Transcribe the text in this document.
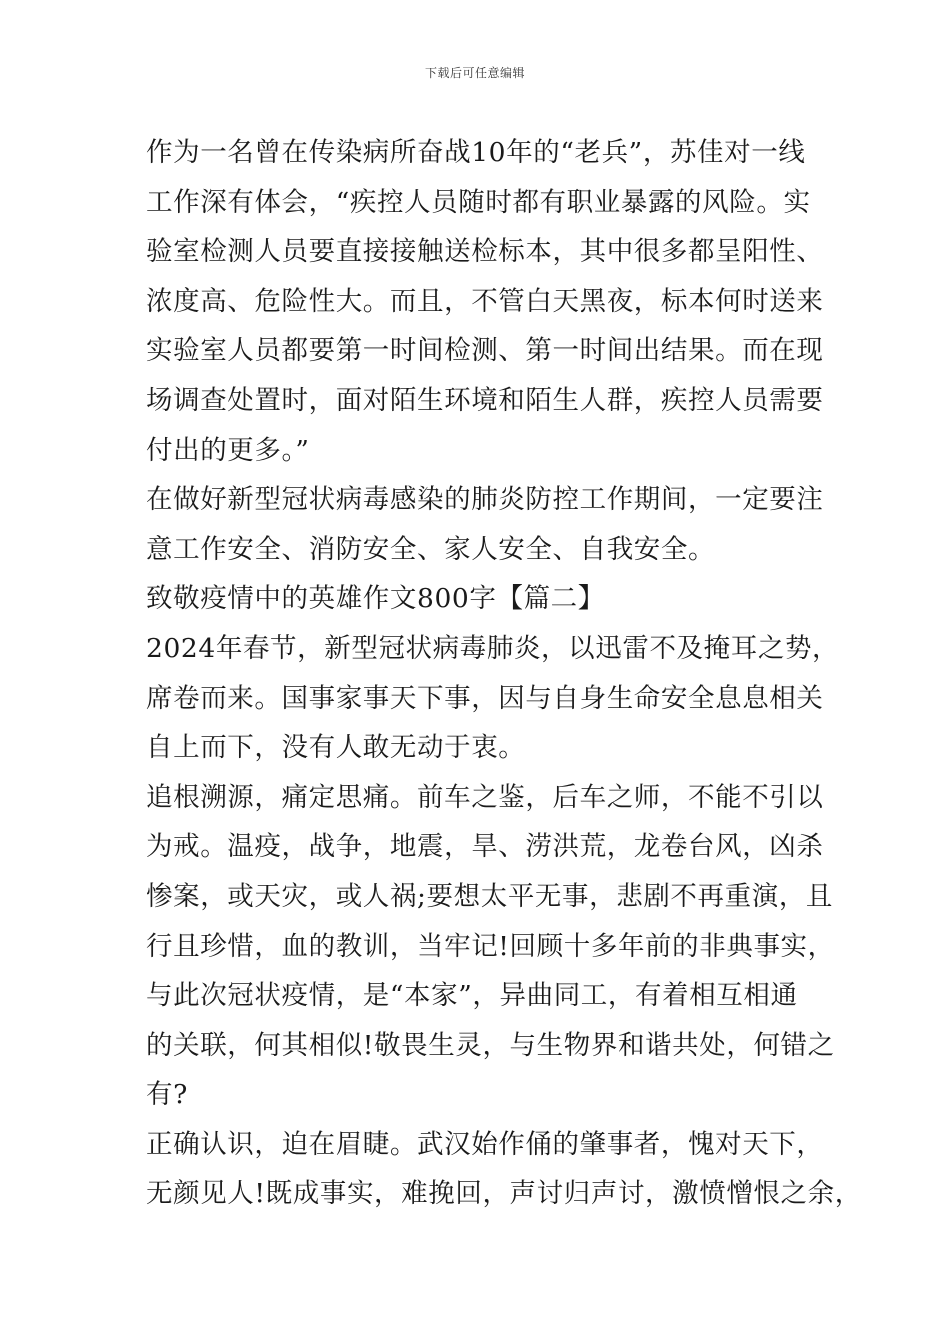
下载后可任意编辑
作为一名曾在传染病所奋战10年的“老兵”，苏佳对一线
工作深有体会，“疾控人员随时都有职业暴露的风险。实
验室检测人员要直接接触送检标本，其中很多都呈阳性、
浓度高、危险性大。而且，不管白天黑夜，标本何时送来
实验室人员都要第一时间检测、第一时间出结果。而在现
场调查处置时，面对陌生环境和陌生人群，疾控人员需要
付出的更多。”
在做好新型冠状病毒感染的肺炎防控工作期间，一定要注
意工作安全、消防安全、家人安全、自我安全。
致敬疫情中的英雄作文800字【篇二】
2024年春节，新型冠状病毒肺炎，以迅雷不及掩耳之势，
席卷而来。国事家事天下事，因与自身生命安全息息相关
自上而下，没有人敢无动于衷。
追根溯源，痛定思痛。前车之鉴，后车之师，不能不引以
为戒。温疫，战争，地震，旱、涝洪荒，龙卷台风，凶杀
惨案，或天灾，或人祸;要想太平无事，悲剧不再重演，且
行且珍惜，血的教训，当牢记!回顾十多年前的非典事实，
与此次冠状疫情，是“本家”，异曲同工，有着相互相通
的关联，何其相似!敬畏生灵，与生物界和谐共处，何错之
有?
正确认识，迫在眉睫。武汉始作俑的肇事者，愧对天下，
无颜见人!既成事实，难挽回，声讨归声讨，激愤憎恨之余，
